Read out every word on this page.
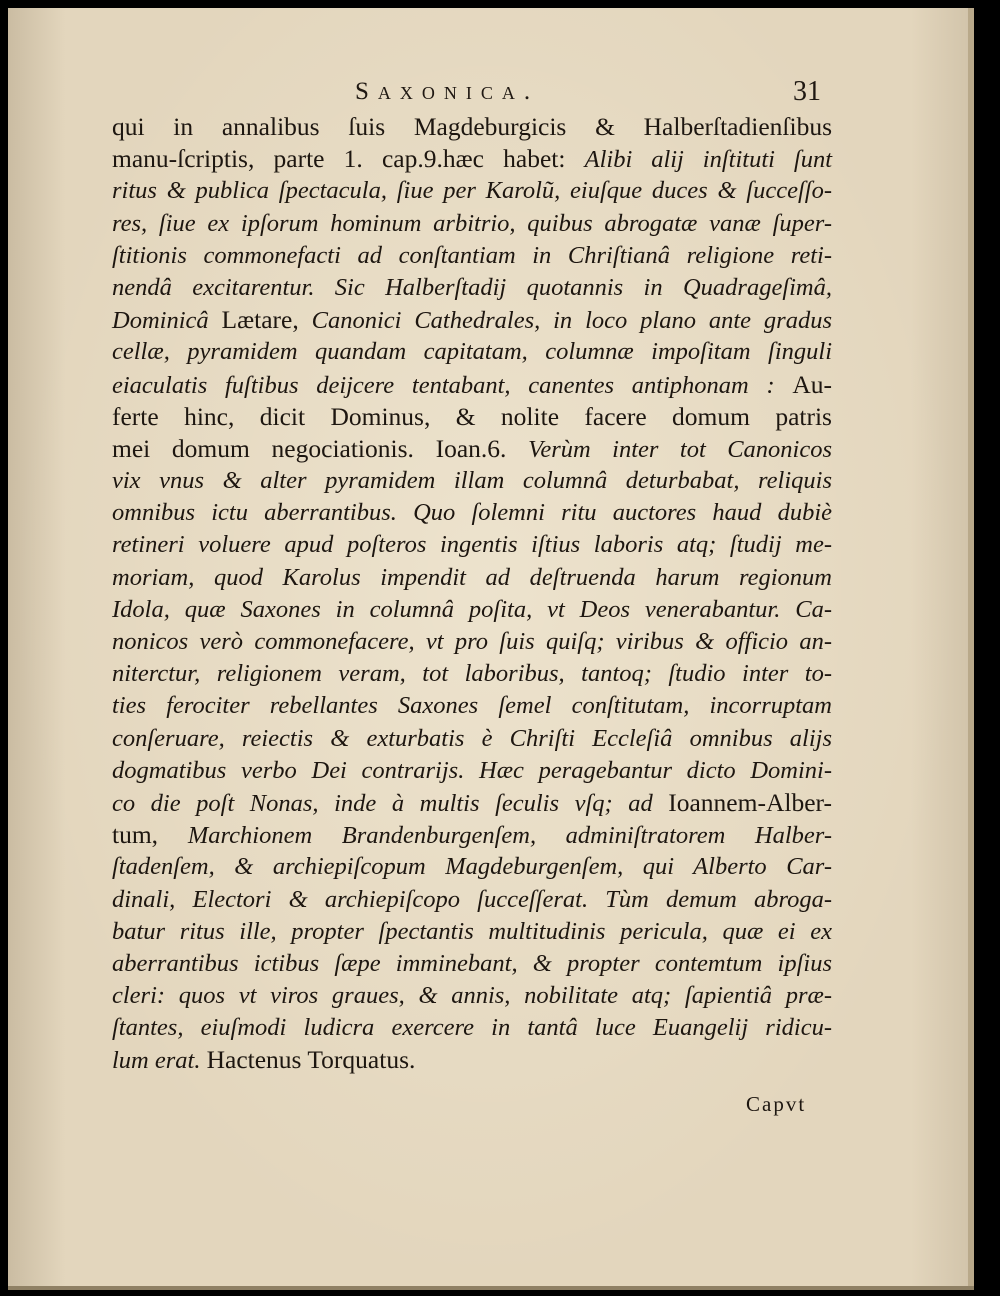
Saxonica.	31
qui in annalibus ſuis Magdeburgicis & Halberſtadienſibus
manu-ſcriptis, parte 1. cap.9.hæc habet: Alibi alij inſtituti ſunt
ritus & publica ſpectacula, ſiue per Karolũ, eiuſque duces & ſucceſſo-
res, ſiue ex ipſorum hominum arbitrio, quibus abrogatæ vanæ ſuper-
ſtitionis commonefacti ad conſtantiam in Chriſtianâ religione reti-
nendâ excitarentur. Sic Halberſtadij quotannis in Quadrageſimâ,
Dominicâ Lætare, Canonici Cathedrales, in loco plano ante gradus
cellæ, pyramidem quandam capitatam, columnæ impoſitam ſinguli
eiaculatis fuſtibus deijcere tentabant, canentes antiphonam : Au-
ferte hinc, dicit Dominus, & nolite facere domum patris
mei domum negociationis. Ioan.6. Verùm inter tot Canonicos
vix vnus & alter pyramidem illam columnâ deturbabat, reliquis
omnibus ictu aberrantibus. Quo ſolemni ritu auctores haud dubiè
retineri voluere apud poſteros ingentis iſtius laboris atq; ſtudij me-
moriam, quod Karolus impendit ad deſtruenda harum regionum
Idola, quæ Saxones in columnâ poſita, vt Deos venerabantur. Ca-
nonicos verò commonefacere, vt pro ſuis quiſq; viribus & officio an-
niterctur, religionem veram, tot laboribus, tantoq; ſtudio inter to-
ties ferociter rebellantes Saxones ſemel conſtitutam, incorruptam
conſeruare, reiectis & exturbatis è Chriſti Eccleſiâ omnibus alijs
dogmatibus verbo Dei contrarijs. Hæc peragebantur dicto Domini-
co die poſt Nonas, inde à multis ſeculis vſq; ad Ioannem-Alber-
tum, Marchionem Brandenburgenſem, adminiſtratorem Halber-
ſtadenſem, & archiepiſcopum Magdeburgenſem, qui Alberto Car-
dinali, Electori & archiepiſcopo ſucceſſerat. Tùm demum abroga-
batur ritus ille, propter ſpectantis multitudinis pericula, quæ ei ex
aberrantibus ictibus ſæpe imminebant, & propter contemtum ipſius
cleri: quos vt viros graues, & annis, nobilitate atq; ſapientiâ præ-
ſtantes, eiuſmodi ludicra exercere in tantâ luce Euangelij ridicu-
lum erat. Hactenus Torquatus.
Capvt
